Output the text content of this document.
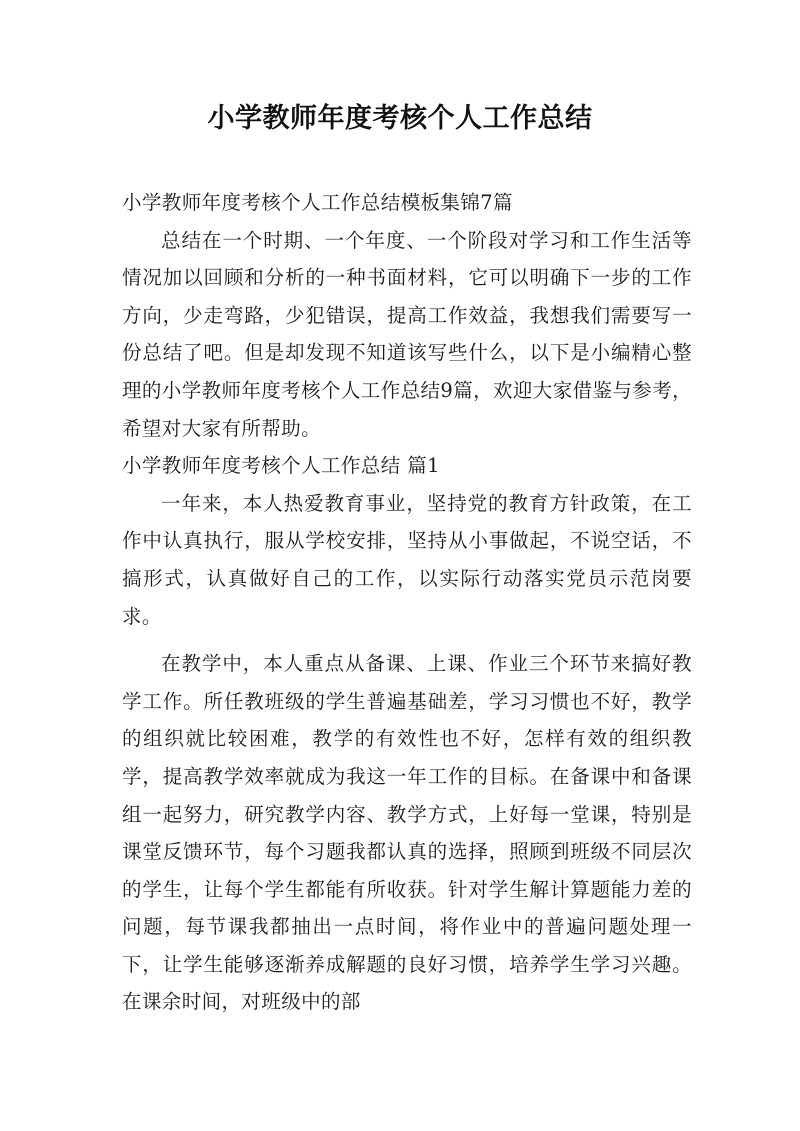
小学教师年度考核个人工作总结

小学教师年度考核个人工作总结模板集锦7篇

总结在一个时期、一个年度、一个阶段对学习和工作生活等情况加以回顾和分析的一种书面材料，它可以明确下一步的工作方向，少走弯路，少犯错误，提高工作效益，我想我们需要写一份总结了吧。但是却发现不知道该写些什么，以下是小编精心整理的小学教师年度考核个人工作总结9篇，欢迎大家借鉴与参考，希望对大家有所帮助。

小学教师年度考核个人工作总结 篇1

一年来，本人热爱教育事业，坚持党的教育方针政策，在工作中认真执行，服从学校安排，坚持从小事做起，不说空话，不搞形式，认真做好自己的工作，以实际行动落实党员示范岗要求。

在教学中，本人重点从备课、上课、作业三个环节来搞好教学工作。所任教班级的学生普遍基础差，学习习惯也不好，教学的组织就比较困难，教学的有效性也不好，怎样有效的组织教学，提高教学效率就成为我这一年工作的目标。在备课中和备课组一起努力，研究教学内容、教学方式，上好每一堂课，特别是课堂反馈环节，每个习题我都认真的选择，照顾到班级不同层次的学生，让每个学生都能有所收获。针对学生解计算题能力差的问题，每节课我都抽出一点时间，将作业中的普遍问题处理一下，让学生能够逐渐养成解题的良好习惯，培养学生学习兴趣。在课余时间，对班级中的部
